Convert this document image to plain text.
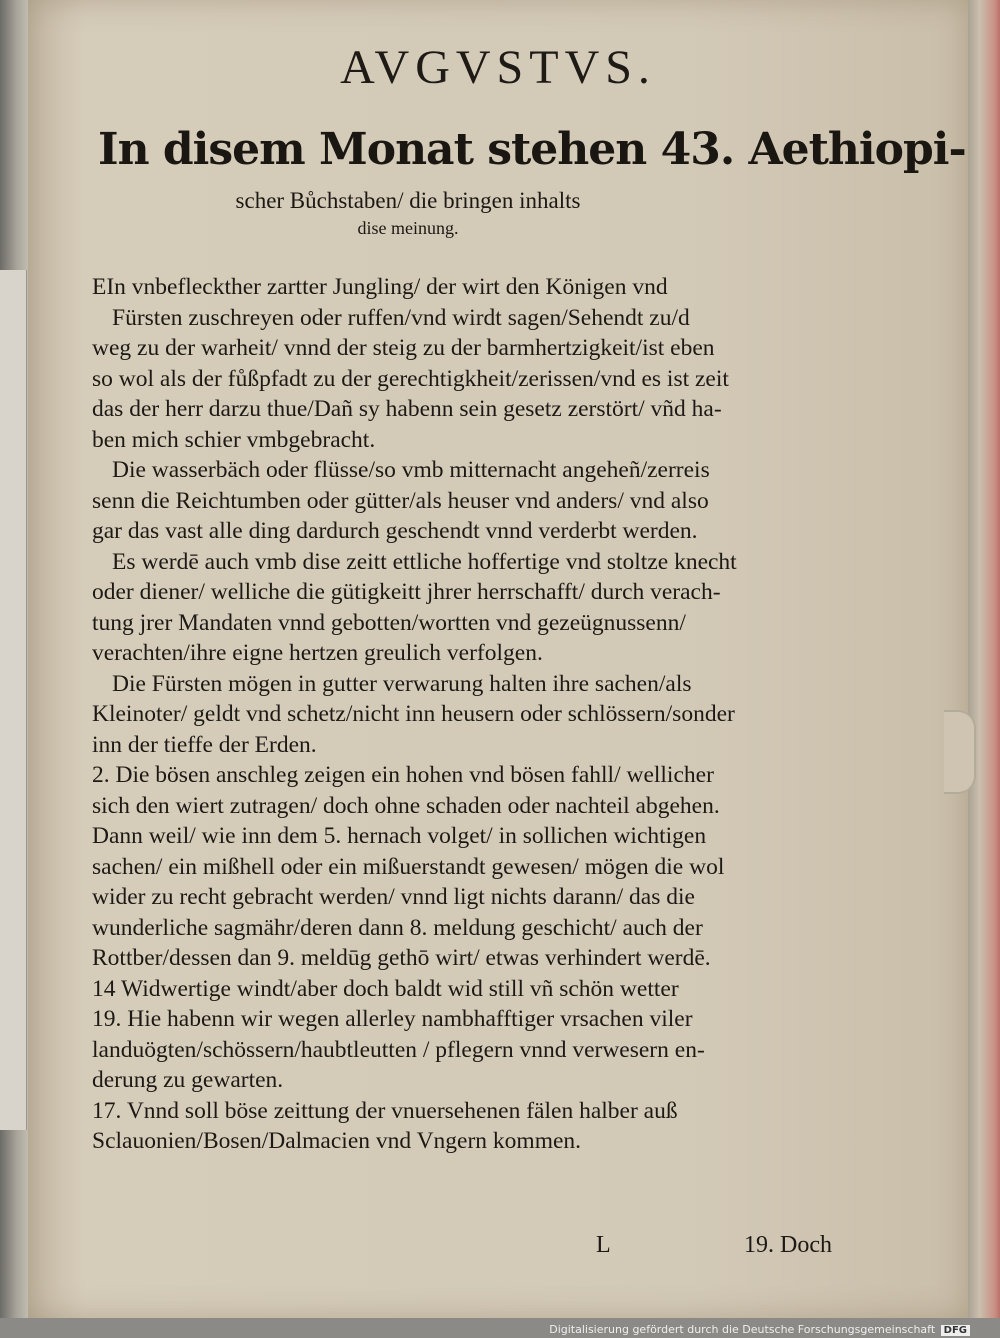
AVGVSTVS.
In disem Monat stehen 43. Aethiopi-
scher Bůchstaben/ die bringen inhalts
dise meinung.
EIn vnbefleckther zartter Jungling/ der wirt den Königen vnd
Fürsten zuschreyen oder ruffen/vnd wirdt sagen/Sehendt zu/d
weg zu der warheit/ vnnd der steig zu der barmhertzigkeit/ist eben
so wol als der fůßpfadt zu der gerechtigkheit/zerissen/vnd es ist zeit
das der herr darzu thue/Dañ sy habenn sein gesetz zerstört/ vñd ha-
ben mich schier vmbgebracht.
Die wasserbäch oder flüsse/so vmb mitternacht angeheñ/zerreis
senn die Reichtumben oder gütter/als heuser vnd anders/ vnd also
gar das vast alle ding dardurch geschendt vnnd verderbt werden.
Es werdē auch vmb dise zeitt ettliche hoffertige vnd stoltze knecht
oder diener/ welliche die gütigkeitt jhrer herrschafft/ durch verach-
tung jrer Mandaten vnnd gebotten/wortten vnd gezeügnussenn/
verachten/ihre eigne hertzen greulich verfolgen.
Die Fürsten mögen in gutter verwarung halten ihre sachen/als
Kleinoter/ geldt vnd schetz/nicht inn heusern oder schlössern/sonder
inn der tieffe der Erden.
2. Die bösen anschleg zeigen ein hohen vnd bösen fahll/ wellicher
sich den wiert zutragen/ doch ohne schaden oder nachteil abgehen.
Dann weil/ wie inn dem 5. hernach volget/ in sollichen wichtigen
sachen/ ein mißhell oder ein mißuerstandt gewesen/ mögen die wol
wider zu recht gebracht werden/ vnnd ligt nichts darann/ das die
wunderliche sagmähr/deren dann 8. meldung geschicht/ auch der
Rottber/dessen dan 9. meldūg gethō wirt/ etwas verhindert werdē.
14 Widwertige windt/aber doch baldt wid still vñ schön wetter
19. Hie habenn wir wegen allerley nambhafftiger vrsachen viler
landuögten/schössern/haubtleutten / pflegern vnnd verwesern en-
derung zu gewarten.
17. Vnnd soll böse zeittung der vnuersehenen fälen halber auß
Sclauonien/Bosen/Dalmacien vnd Vngern kommen.
L	19. Doch
Digitalisierung gefördert durch die Deutsche Forschungsgemeinschaft DFG
